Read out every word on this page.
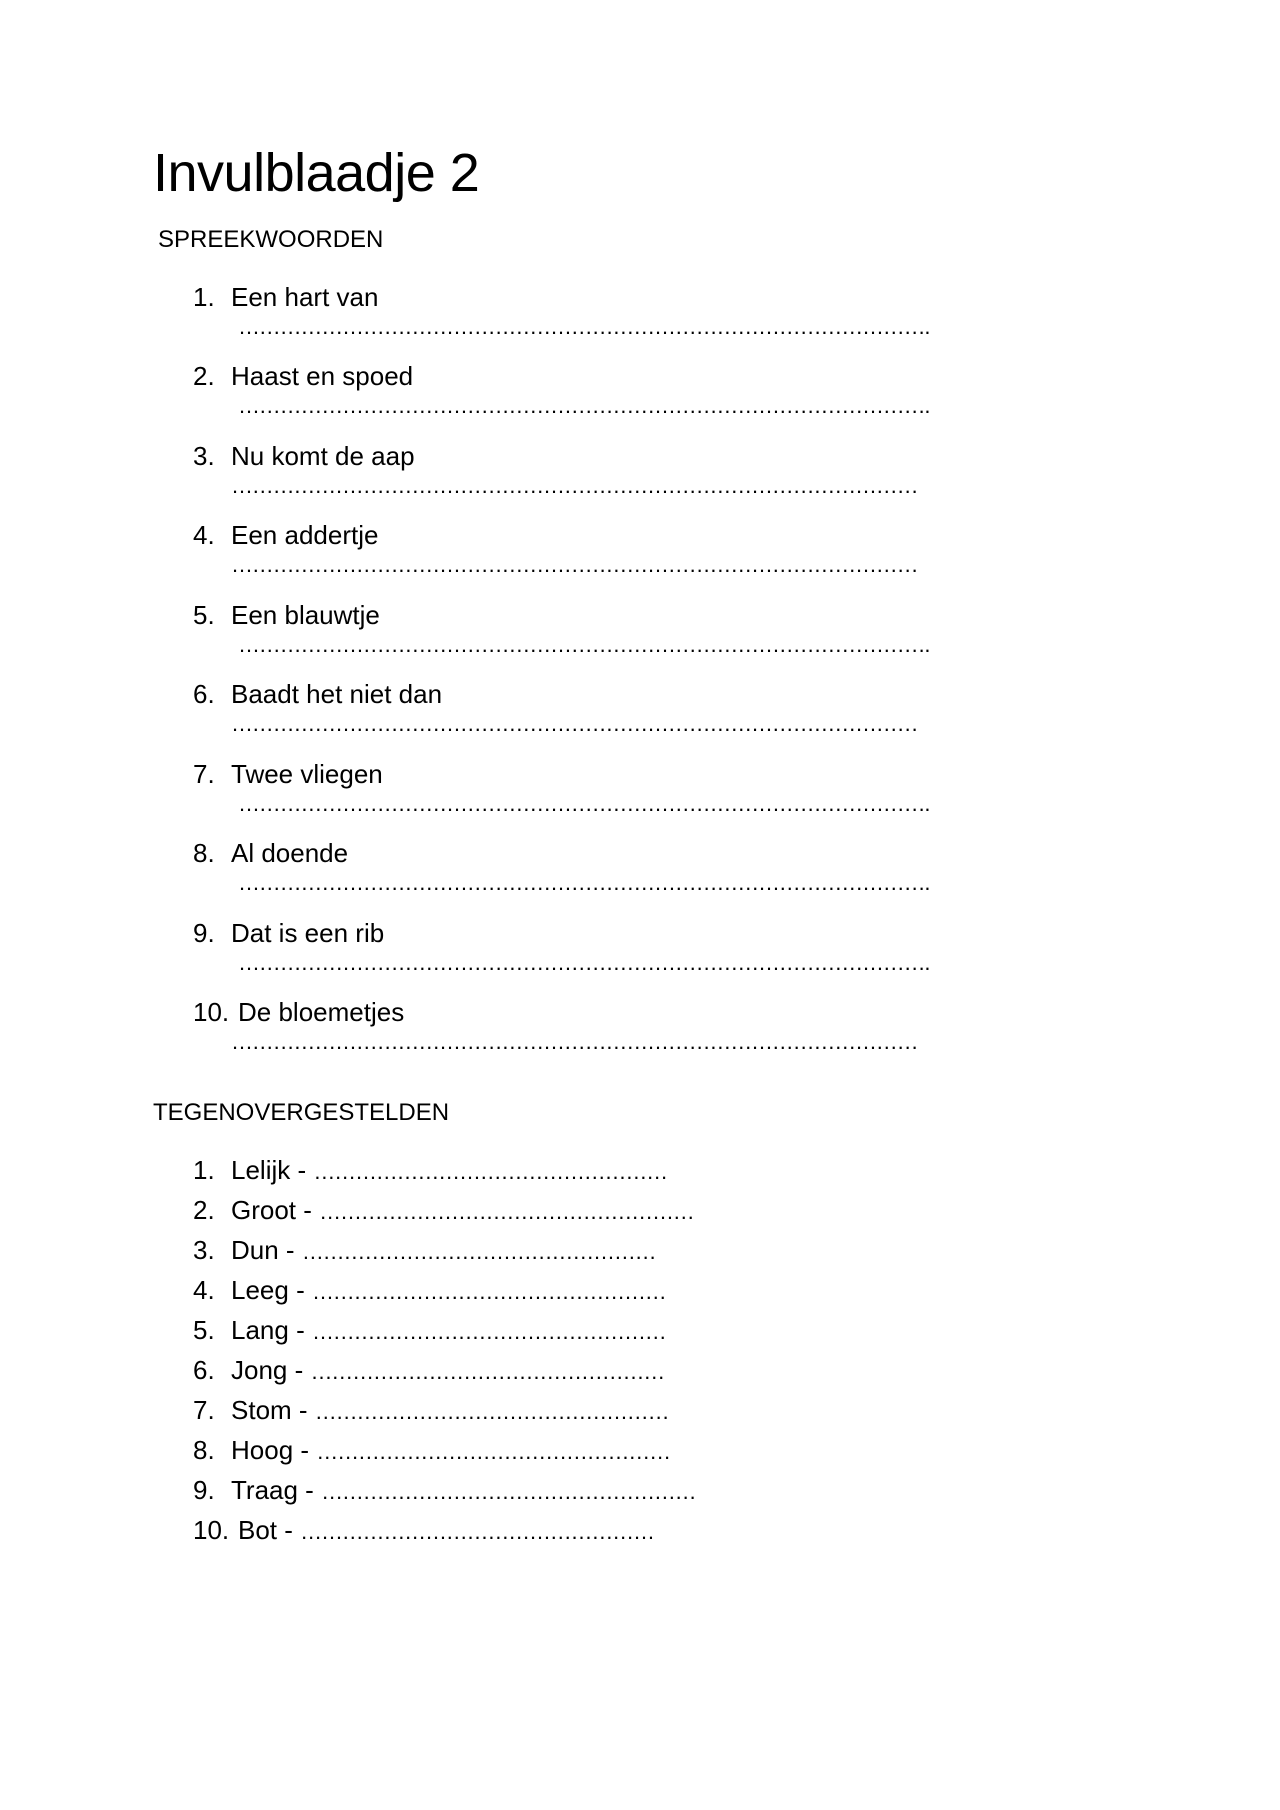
Invulblaadje 2
SPREEKWOORDEN
1. Een hart van
……………………………………………………………………………………….
2. Haast en spoed
……………………………………………………………………………………….
3. Nu komt de aap
………………………………………………………………………………………
4. Een addertje
………………………………………………………………………………………
5. Een blauwtje
……………………………………………………………………………………….
6. Baadt het niet dan
………………………………………………………………………………………
7. Twee vliegen
……………………………………………………………………………………….
8. Al doende
……………………………………………………………………………………….
9. Dat is een rib
……………………………………………………………………………………….
10. De bloemetjes
………………………………………………………………………………………
TEGENOVERGESTELDEN
1. Lelijk - ……………………………………………
2. Groot - ………………………………………………
3. Dun - ……………………………………………
4. Leeg - ……………………………………………
5. Lang - ……………………………………………
6. Jong - ……………………………………………
7. Stom - ……………………………………………
8. Hoog - ……………………………………………
9. Traag - ………………………………………………
10. Bot - ……………………………………………
